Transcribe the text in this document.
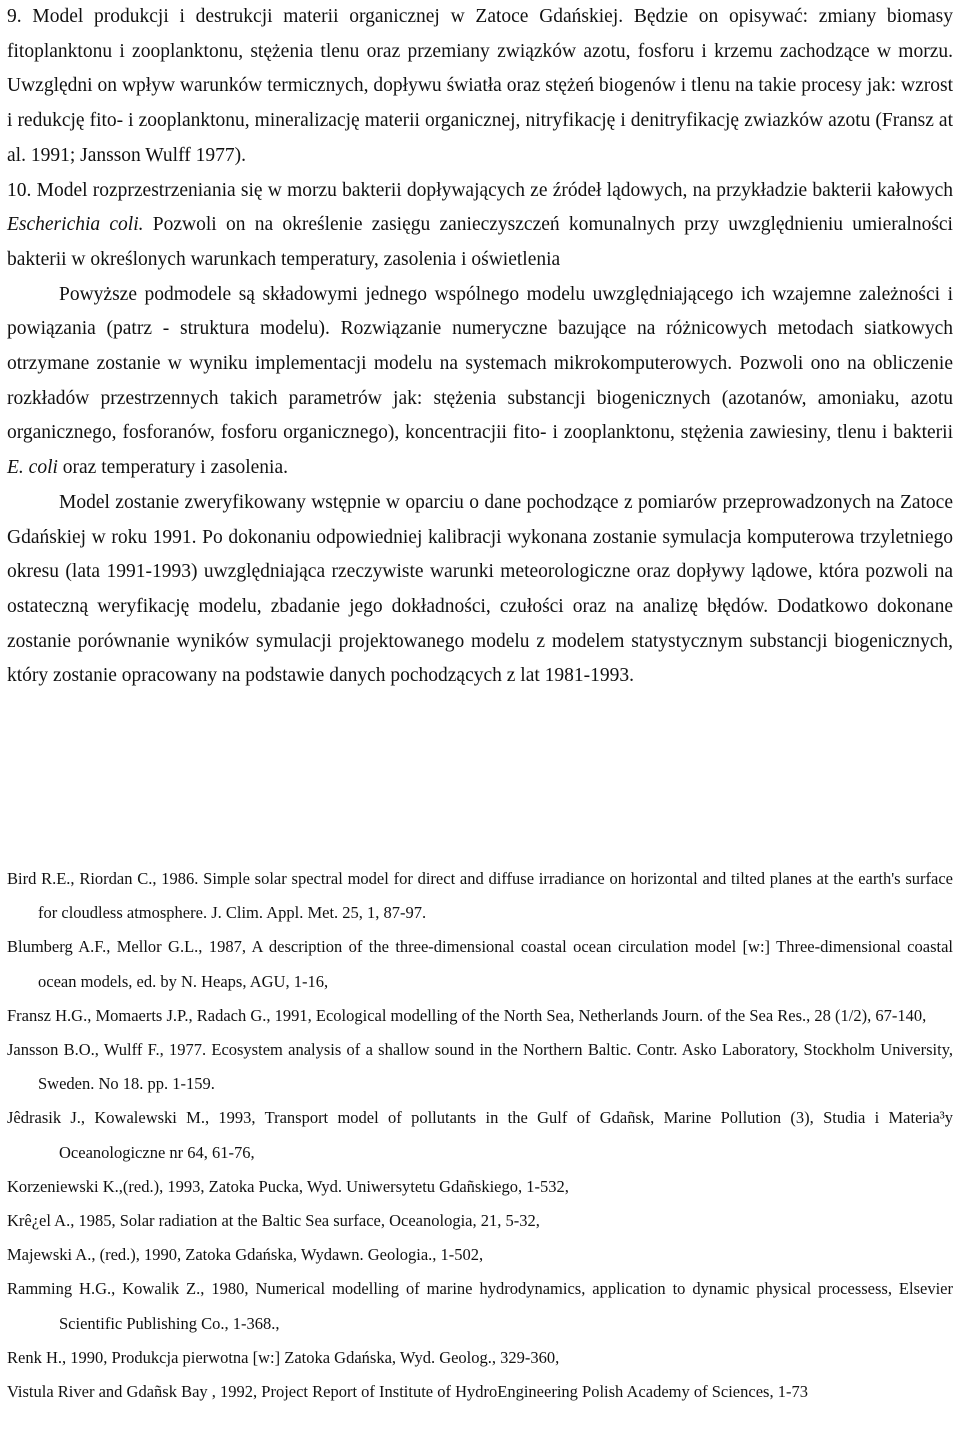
9. Model produkcji i destrukcji materii organicznej w Zatoce Gdańskiej. Będzie on opisywać: zmiany biomasy fitoplanktonu i zooplanktonu, stężenia tlenu oraz przemiany związków azotu, fosforu i krzemu zachodzące w morzu. Uwzględni on wpływ warunków termicznych, dopływu światła oraz stężeń biogenów i tlenu na takie procesy jak: wzrost i redukcję fito- i zooplanktonu, mineralizację materii organicznej, nitryfikację i denitryfikację zwiazków azotu (Fransz at al. 1991; Jansson Wulff 1977).

10. Model rozprzestrzeniania się w morzu bakterii dopływających ze źródeł lądowych, na przykładzie bakterii kałowych Escherichia coli. Pozwoli on na określenie zasięgu zanieczyszczeń komunalnych przy uwzględnieniu umieralności bakterii w określonych warunkach temperatury, zasolenia i oświetlenia

Powyższe podmodele są składowymi jednego wspólnego modelu uwzględniającego ich wzajemne zależności i powiązania (patrz - struktura modelu). Rozwiązanie numeryczne bazujące na różnicowych metodach siatkowych otrzymane zostanie w wyniku implementacji modelu na systemach mikrokomputerowych. Pozwoli ono na obliczenie rozkładów przestrzennych takich parametrów jak: stężenia substancji biogenicznych (azotanów, amoniaku, azotu organicznego, fosforanów, fosforu organicznego), koncentracjii fito- i zooplanktonu, stężenia zawiesiny, tlenu i bakterii E. coli oraz temperatury i zasolenia.

Model zostanie zweryfikowany wstępnie w oparciu o dane pochodzące z pomiarów przeprowadzonych na Zatoce Gdańskiej w roku 1991. Po dokonaniu odpowiedniej kalibracji wykonana zostanie symulacja komputerowa trzyletniego okresu (lata 1991-1993) uwzględniająca rzeczywiste warunki meteorologiczne oraz dopływy lądowe, która pozwoli na ostateczną weryfikację modelu, zbadanie jego dokładności, czułości oraz na analizę błędów. Dodatkowo dokonane zostanie porównanie wyników symulacji projektowanego modelu z modelem statystycznym substancji biogenicznych, który zostanie opracowany na podstawie danych pochodzących z lat 1981-1993.

Bird R.E., Riordan C., 1986. Simple solar spectral model for direct and diffuse irradiance on horizontal and tilted planes at the earth's surface for cloudless atmosphere. J. Clim. Appl. Met. 25, 1, 87-97.

Blumberg A.F., Mellor G.L., 1987, A description of the three-dimensional coastal ocean circulation model [w:] Three-dimensional coastal ocean models, ed. by N. Heaps, AGU, 1-16,

Fransz H.G., Momaerts J.P., Radach G., 1991, Ecological modelling of the North Sea, Netherlands Journ. of the Sea Res., 28 (1/2), 67-140,

Jansson B.O., Wulff F., 1977. Ecosystem analysis of a shallow sound in the Northern Baltic. Contr. Asko Laboratory, Stockholm University, Sweden. No 18. pp. 1-159.

Jêdrasik J., Kowalewski M., 1993, Transport model of pollutants in the Gulf of Gdañsk, Marine Pollution (3), Studia i Materia³y Oceanologiczne nr 64, 61-76,

Korzeniewski K.,(red.), 1993, Zatoka Pucka, Wyd. Uniwersytetu Gdañskiego, 1-532,

Krê¿el A., 1985, Solar radiation at the Baltic Sea surface, Oceanologia, 21, 5-32,

Majewski A., (red.), 1990, Zatoka Gdańska, Wydawn. Geologia., 1-502,

Ramming H.G., Kowalik Z., 1980, Numerical modelling of marine hydrodynamics, application to dynamic physical processess, Elsevier Scientific Publishing Co., 1-368.,

Renk H., 1990, Produkcja pierwotna [w:] Zatoka Gdańska, Wyd. Geolog., 329-360,

Vistula River and Gdañsk Bay , 1992, Project Report of Institute of HydroEngineering Polish Academy of Sciences, 1-73
